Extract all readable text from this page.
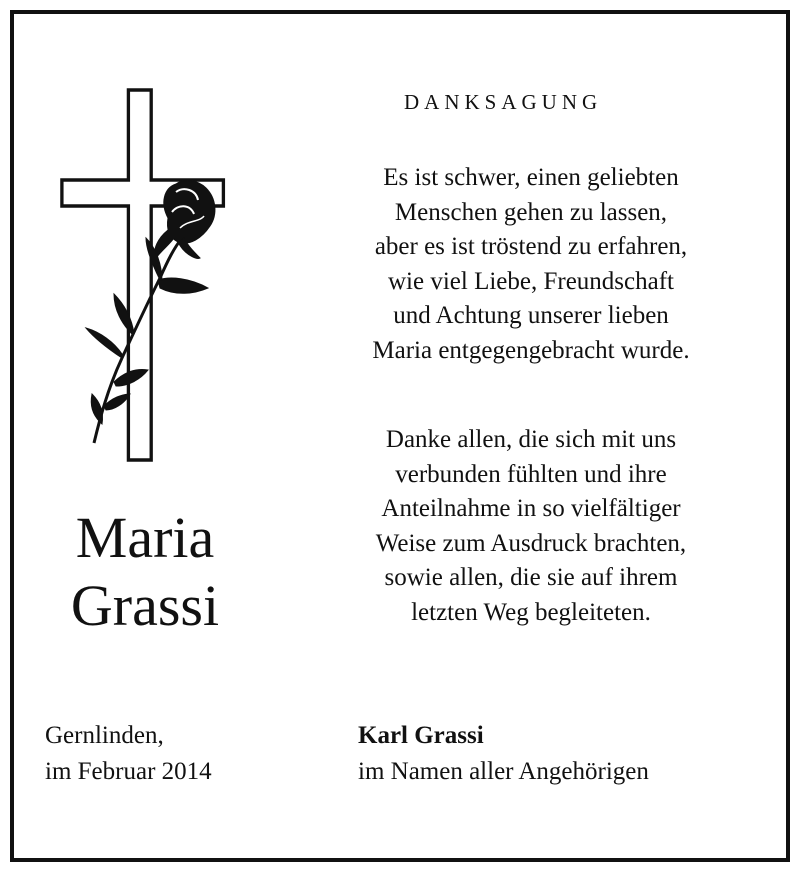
DANKSAGUNG
Es ist schwer, einen geliebten
Menschen gehen zu lassen,
aber es ist tröstend zu erfahren,
wie viel Liebe, Freundschaft
und Achtung unserer lieben
Maria entgegengebracht wurde.
Danke allen, die sich mit uns
verbunden fühlten und ihre
Anteilnahme in so vielfältiger
Weise zum Ausdruck brachten,
sowie allen, die sie auf ihrem
letzten Weg begleiteten.
Maria
Grassi
Gernlinden,
im Februar 2014
Karl Grassi
im Namen aller Angehörigen
